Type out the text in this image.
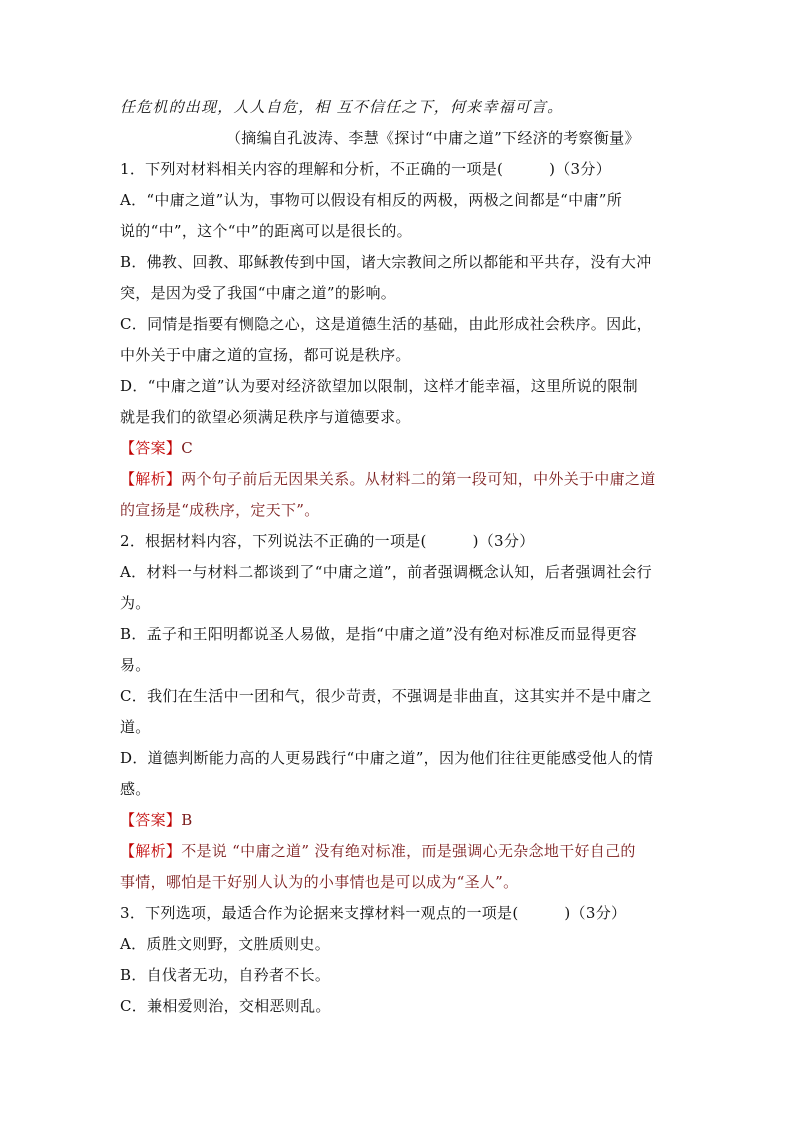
任危机的出现，人人自危，相 互不信任之下，何来幸福可言。
（摘编自孔波涛、李慧《探讨“中庸之道”下经济的考察衡量》
1．下列对材料相关内容的理解和分析，不正确的一项是(　　　)（3分）
A．“中庸之道”认为，事物可以假设有相反的两极，两极之间都是“中庸”所
说的“中”，这个“中”的距离可以是很长的。
B．佛教、回教、耶稣教传到中国，诸大宗教间之所以都能和平共存，没有大冲
突，是因为受了我国“中庸之道”的影响。
C．同情是指要有恻隐之心，这是道德生活的基础，由此形成社会秩序。因此，
中外关于中庸之道的宣扬，都可说是秩序。
D．“中庸之道”认为要对经济欲望加以限制，这样才能幸福，这里所说的限制
就是我们的欲望必须满足秩序与道德要求。
【答案】C
【解析】两个句子前后无因果关系。从材料二的第一段可知，中外关于中庸之道
的宣扬是“成秩序，定天下”。
2．根据材料内容，下列说法不正确的一项是(　　　)（3分）
A．材料一与材料二都谈到了“中庸之道”，前者强调概念认知，后者强调社会行
为。
B．孟子和王阳明都说圣人易做，是指“中庸之道”没有绝对标准反而显得更容
易。
C．我们在生活中一团和气，很少苛责，不强调是非曲直，这其实并不是中庸之
道。
D．道德判断能力高的人更易践行“中庸之道”，因为他们往往更能感受他人的情
感。
【答案】B
【解析】不是说 “中庸之道” 没有绝对标准，而是强调心无杂念地干好自己的
事情，哪怕是干好别人认为的小事情也是可以成为“圣人”。
3．下列选项，最适合作为论据来支撑材料一观点的一项是(　　　)（3分）
A．质胜文则野，文胜质则史。
B．自伐者无功，自矜者不长。
C．兼相爱则治，交相恶则乱。
